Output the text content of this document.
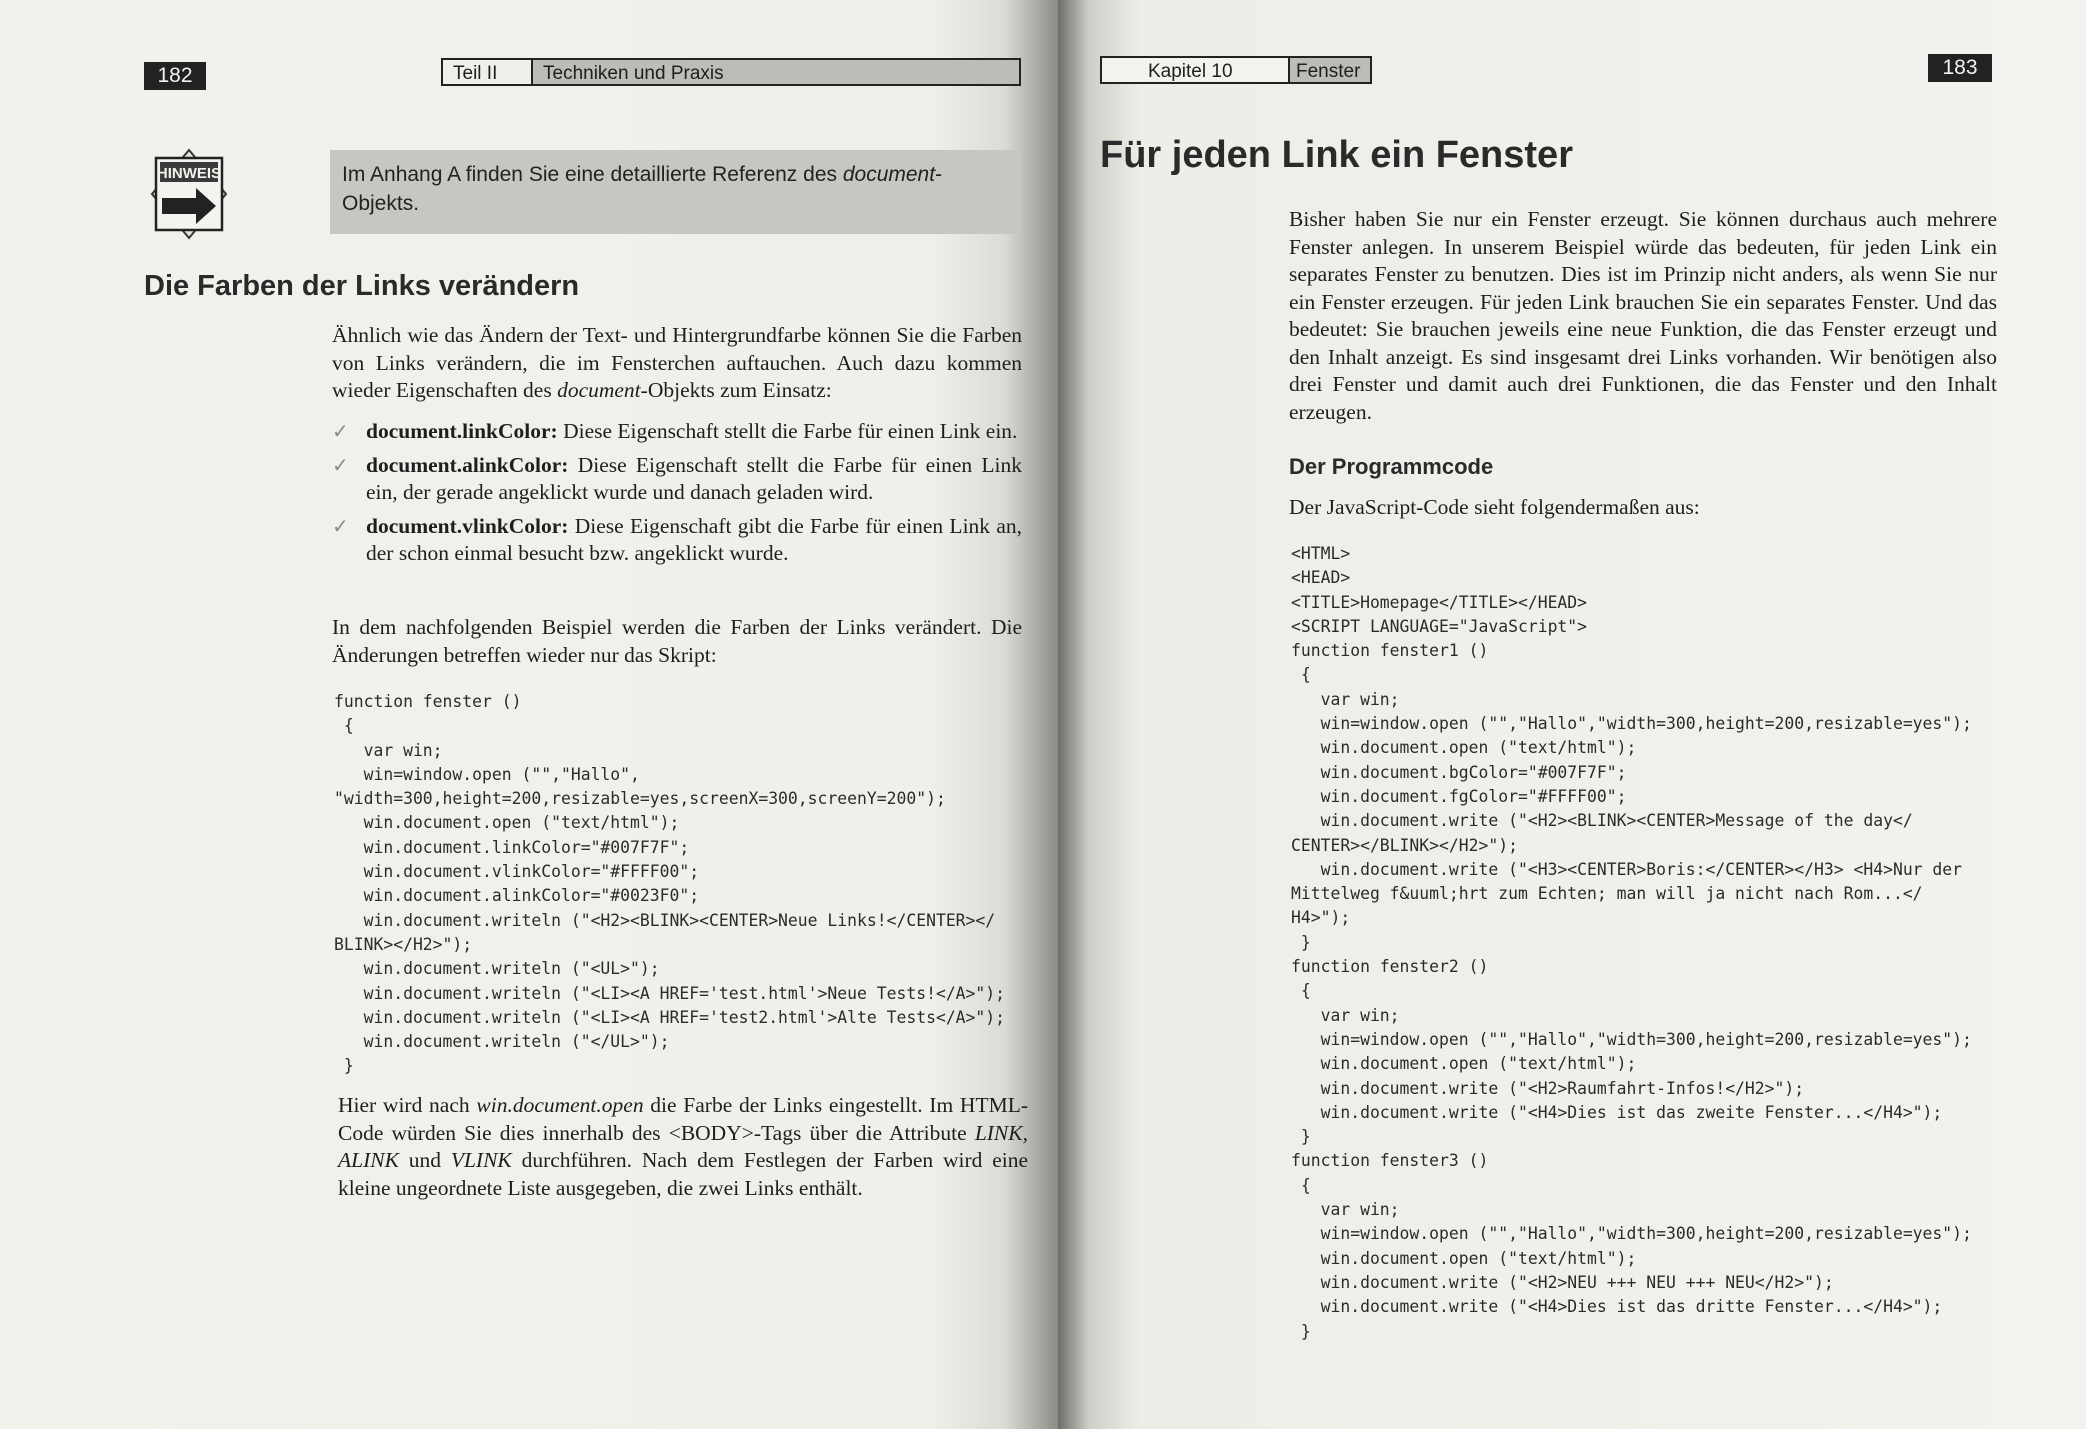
182	Teil II Techniken und Praxis
HINWEIS	Im Anhang A finden Sie eine detaillierte Referenz des document-Objekts.
Die Farben der Links verändern
Ähnlich wie das Ändern der Text- und Hintergrundfarbe können Sie die Farben von Links verändern, die im Fensterchen auftauchen. Auch dazu kommen wieder Eigenschaften des document-Objekts zum Einsatz:
✓ document.linkColor: Diese Eigenschaft stellt die Farbe für einen Link ein.
✓ document.alinkColor: Diese Eigenschaft stellt die Farbe für einen Link ein, der gerade angeklickt wurde und danach geladen wird.
✓ document.vlinkColor: Diese Eigenschaft gibt die Farbe für einen Link an, der schon einmal besucht bzw. angeklickt wurde.
In dem nachfolgenden Beispiel werden die Farben der Links verändert. Die Änderungen betreffen wieder nur das Skript:
function fenster ()
{
var win;
win=window.open ("","Hallo",
"width=300,height=200,resizable=yes,screenX=300,screenY=200");
win.document.open ("text/html");
win.document.linkColor="#007F7F";
win.document.vlinkColor="#FFFF00";
win.document.alinkColor="#0023F0";
win.document.writeln ("<H2><BLINK><CENTER>Neue Links!</CENTER></
BLINK></H2>");
win.document.writeln ("<UL>");
win.document.writeln ("<LI><A HREF='test.html'>Neue Tests!</A>");
win.document.writeln ("<LI><A HREF='test2.html'>Alte Tests</A>");
win.document.writeln ("</UL>");
}
Hier wird nach win.document.open die Farbe der Links eingestellt. Im HTML-Code würden Sie dies innerhalb des <BODY>-Tags über die Attribute LINK, ALINK und VLINK durchführen. Nach dem Festlegen der Farben wird eine kleine ungeordnete Liste ausgegeben, die zwei Links enthält.
Kapitel 10	Fenster	183
Für jeden Link ein Fenster
Bisher haben Sie nur ein Fenster erzeugt. Sie können durchaus auch mehrere Fenster anlegen. In unserem Beispiel würde das bedeuten, für jeden Link ein separates Fenster zu benutzen. Dies ist im Prinzip nicht anders, als wenn Sie nur ein Fenster erzeugen. Für jeden Link brauchen Sie ein separates Fenster. Und das bedeutet: Sie brauchen jeweils eine neue Funktion, die das Fenster erzeugt und den Inhalt anzeigt. Es sind insgesamt drei Links vorhanden. Wir benötigen also drei Fenster und damit auch drei Funktionen, die das Fenster und den Inhalt erzeugen.
Der Programmcode
Der JavaScript-Code sieht folgendermaßen aus:
<HTML>
<HEAD>
<TITLE>Homepage</TITLE></HEAD>
<SCRIPT LANGUAGE="JavaScript">
function fenster1 ()
{
var win;
win=window.open ("","Hallo","width=300,height=200,resizable=yes");
win.document.open ("text/html");
win.document.bgColor="#007F7F";
win.document.fgColor="#FFFF00";
win.document.write ("<H2><BLINK><CENTER>Message of the day</
CENTER></BLINK></H2>");
win.document.write ("<H3><CENTER>Boris:</CENTER></H3> <H4>Nur der
Mittelweg f&uuml;hrt zum Echten; man will ja nicht nach Rom...</
H4>");
}
function fenster2 ()
{
var win;
win=window.open ("","Hallo","width=300,height=200,resizable=yes");
win.document.open ("text/html");
win.document.write ("<H2>Raumfahrt-Infos!</H2>");
win.document.write ("<H4>Dies ist das zweite Fenster...</H4>");
}
function fenster3 ()
{
var win;
win=window.open ("","Hallo","width=300,height=200,resizable=yes");
win.document.open ("text/html");
win.document.write ("<H2>NEU +++ NEU +++ NEU</H2>");
win.document.write ("<H4>Dies ist das dritte Fenster...</H4>");
}
